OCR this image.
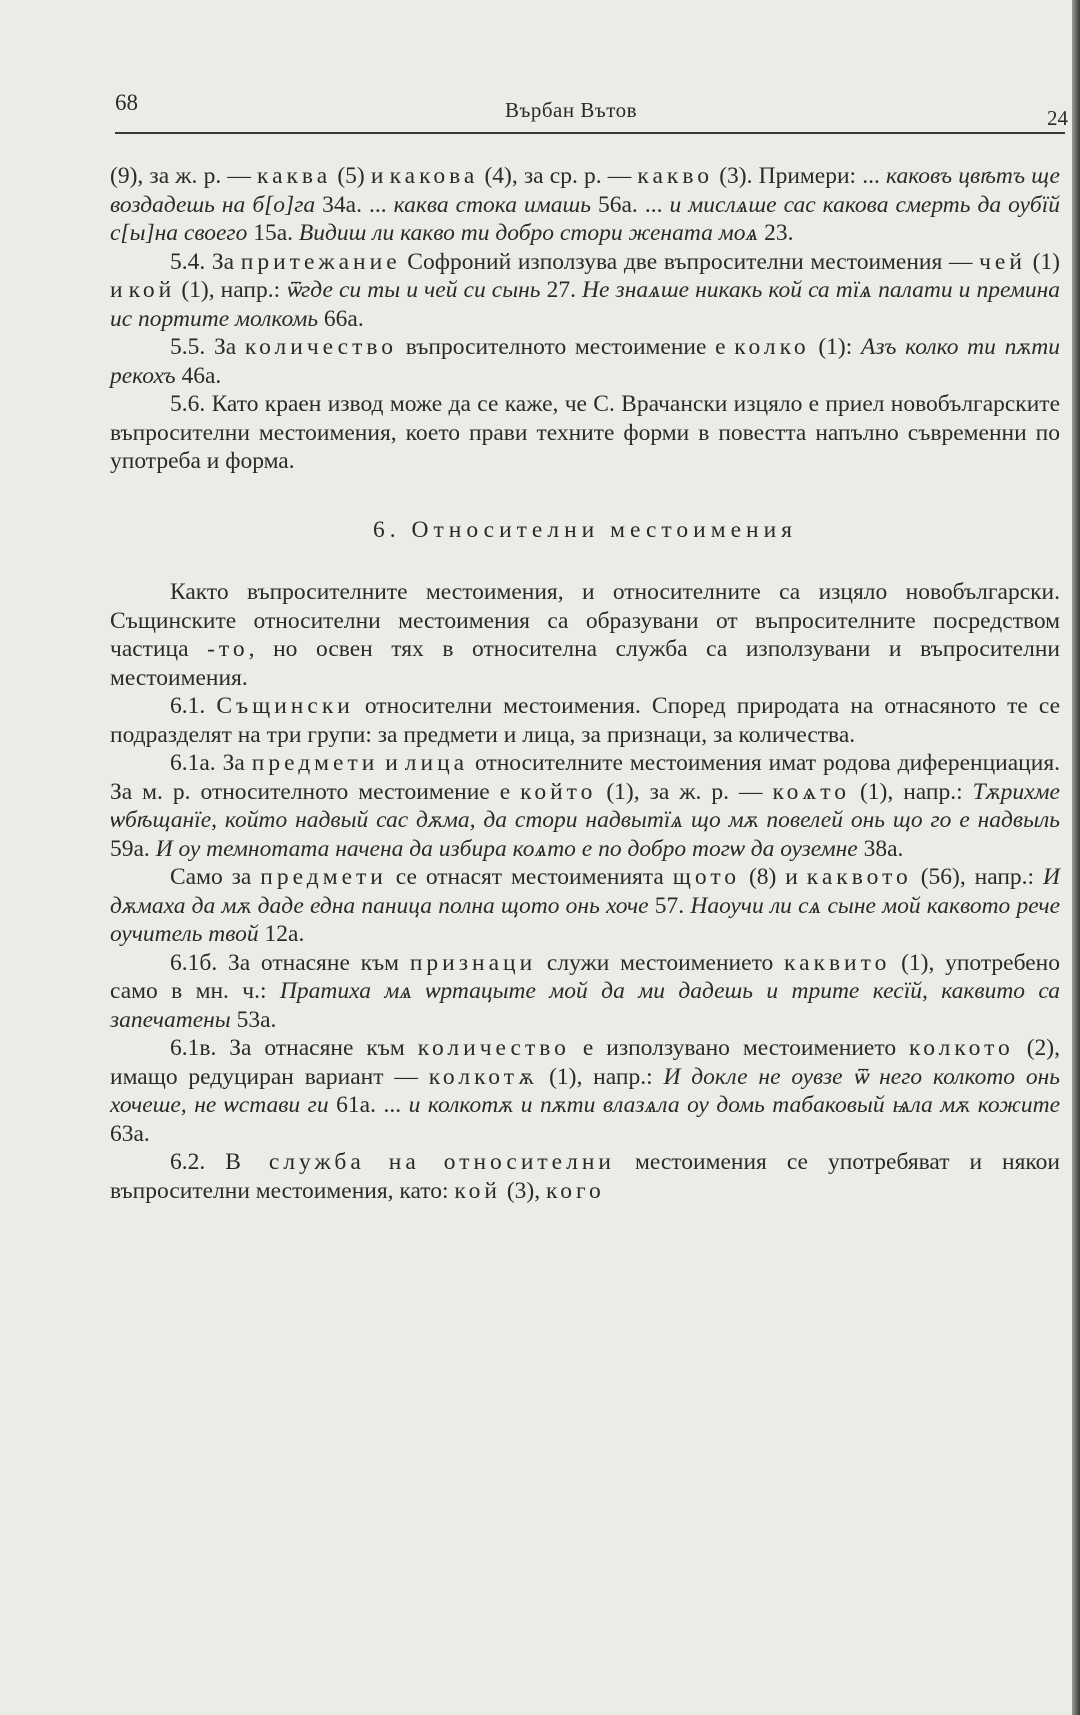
68	Върбан Вътов	24

(9), за ж. р. — каква (5) и какова (4), за ср. р. — какво (3). Примери: ... каковъ цвѣтъ ще воздадешь на б[о]га 34а. ... каква стока имашь 56а. ... и мислѧше сас какова смерть да оубїй с[ы]на своего 15а. Видиш ли какво ти добро стори жената моѧ 23.

5.4. За притежание Софроний използува две въпросителни местоимения — чей (1) и кой (1), напр.: ѿгде си ты и чей си сынь 27. Не знаѧше никакь кой са тїѧ палати и премина ис портите молкомь 66а.

5.5. За количество въпросителното местоимение е колко (1): Азъ колко ти пѫти рекохъ 46а.

5.6. Като краен извод може да се каже, че С. Врачански изцяло е приел новобългарските въпросителни местоимения, което прави техните форми в повестта напълно съвременни по употреба и форма.

6. Относителни местоимения

Както въпросителните местоимения, и относителните са изцяло новобългарски. Същинските относителни местоимения са образувани от въпросителните посредством частица -то, но освен тях в относителна служба са използувани и въпросителни местоимения.

6.1. Същински относителни местоимения. Според природата на отнасяното те се подразделят на три групи: за предмети и лица, за признаци, за количества.

6.1а. За предмети и лица относителните местоимения имат родова диференциация. За м. р. относителното местоимение е който (1), за ж. р. — коѧто (1), напр.: Тѫрихме ѡбѣщанїе, който надвый сас дѫма, да стори надвытїѧ що мѫ повелей онь що го е надвыль 59а. И оу темнотата начена да избира коѧто е по добро тогѡ да оуземне 38а.

Само за предмети се отнасят местоименията щото (8) и каквото (56), напр.: И дѫмаха да мѫ даде една паница полна щото онь хоче 57. Наоучи ли сѧ сыне мой каквото рече оучитель твой 12а.

6.1б. За отнасяне към признаци служи местоимението каквито (1), употребено само в мн. ч.: Пратиха мѧ ѡртацыте мой да ми дадешь и трите кесїй, каквито са запечатены 53а.

6.1в. За отнасяне към количество е използувано местоимението колкото (2), имащо редуциран вариант — колкотѫ (1), напр.: И докле не оувзе ѿ него колкото онь хочеше, не ѡстави ги 61а. ... и колкотѫ и пѫти влазѧла оу домь табаковый ѩла мѫ кожите 63а.

6.2. В служба на относителни местоимения се употребяват и някои въпросителни местоимения, като: кой (3), кого
